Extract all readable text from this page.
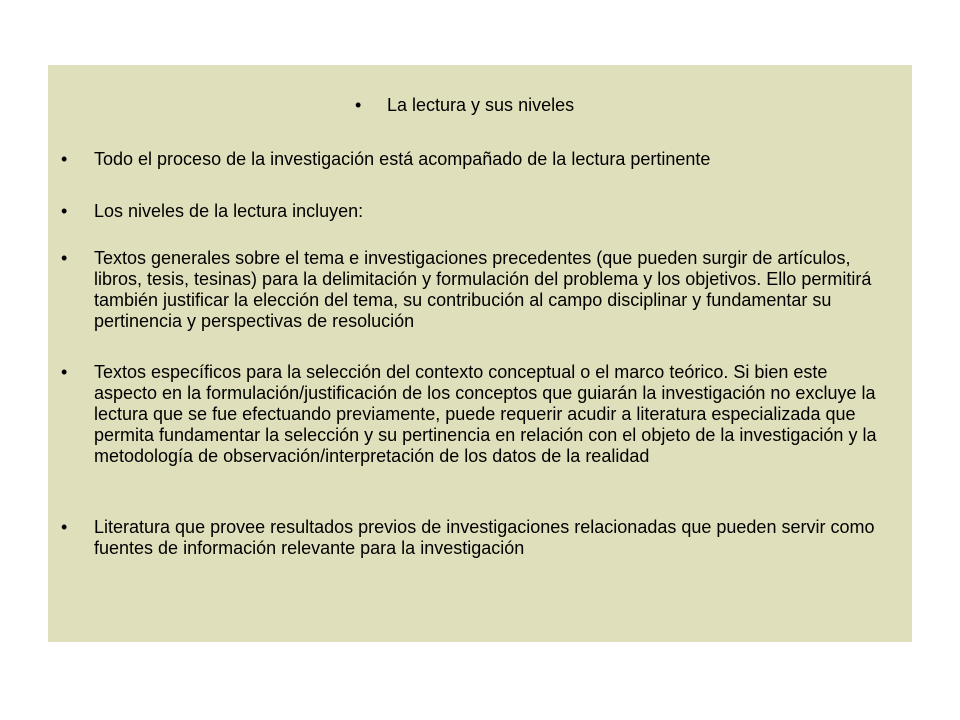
•	La lectura y sus niveles
•	Todo el proceso de la investigación está acompañado de la lectura pertinente
•	Los niveles de la lectura incluyen:
•	Textos generales sobre el tema e investigaciones precedentes (que pueden surgir de artículos, libros, tesis, tesinas) para la delimitación y formulación del problema y los objetivos. Ello permitirá también justificar la elección del tema, su contribución al campo disciplinar y fundamentar su pertinencia y perspectivas de resolución
•	Textos específicos para la selección del contexto conceptual o el marco teórico. Si bien este aspecto en la formulación/justificación de los conceptos que guiarán la investigación no excluye la lectura que se fue efectuando previamente, puede requerir acudir a literatura especializada que permita fundamentar la selección y su pertinencia en relación con el objeto de la investigación y la metodología de observación/interpretación de los datos de la realidad
•	Literatura que provee resultados previos de investigaciones relacionadas que pueden servir como fuentes de información relevante para la investigación
